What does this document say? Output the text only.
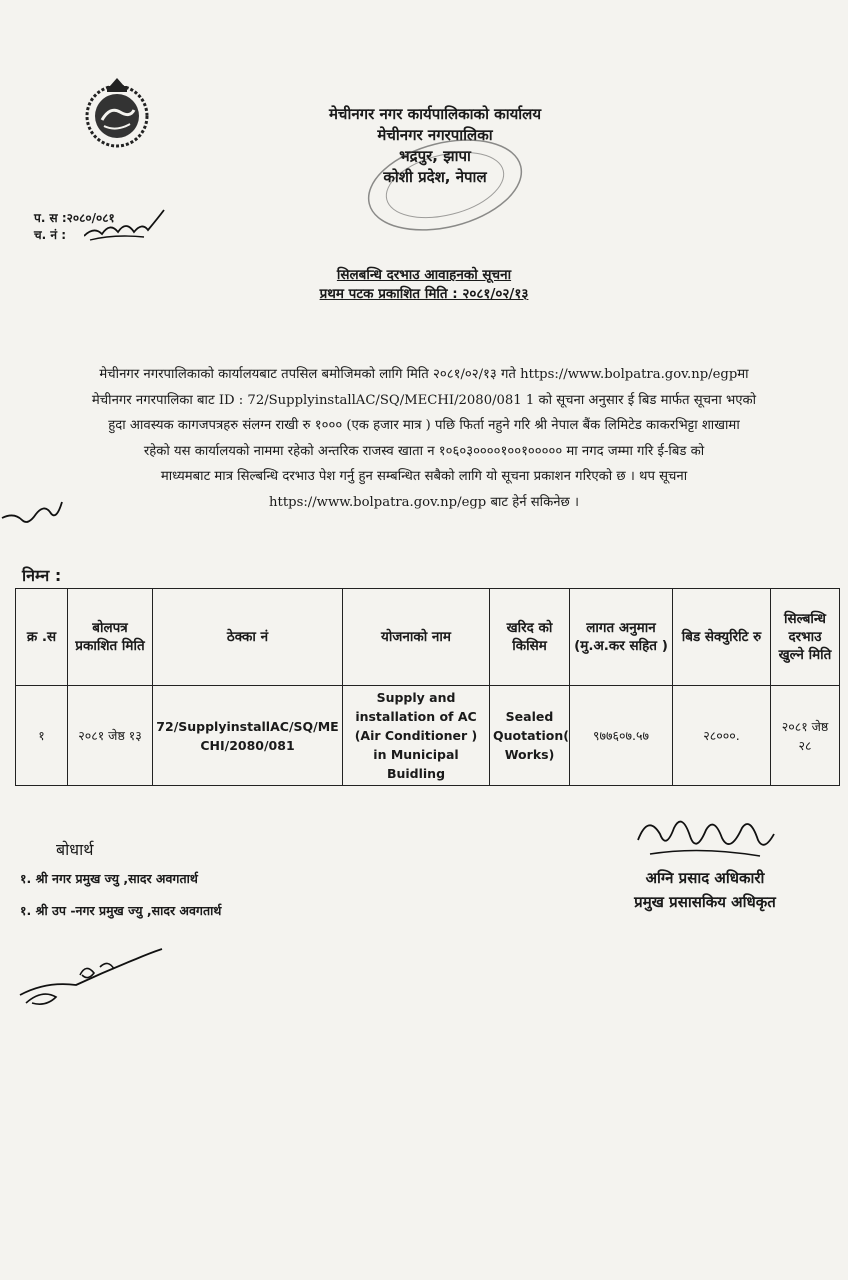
मेचीनगर नगर कार्यपालिकाको कार्यालय
मेचीनगर नगरपालिका
भद्रपुर, झापा
कोशी प्रदेश, नेपाल
प. स :२०८०/०८१
च. नं :
सिलबन्धि दरभाउ आवाहनको सूचना
प्रथम पटक प्रकाशित मिति : २०८१/०२/१३
मेचीनगर नगरपालिकाको कार्यालयबाट तपसिल बमोजिमको लागि मिति २०८१/०२/१३ गते https://www.bolpatra.gov.np/egpमा
मेचीनगर नगरपालिका बाट ID : 72/SupplyinstallAC/SQ/MECHI/2080/081 1 को सूचना अनुसार ई बिड मार्फत सूचना भएको
हुदा आवस्यक कागजपत्रहरु संलग्न राखी रु १००० (एक हजार मात्र ) पछि फिर्ता नहुने गरि श्री नेपाल बैंक लिमिटेड काकरभिट्टा शाखामा
रहेको यस कार्यालयको नाममा रहेको अन्तरिक राजस्व खाता न १०६०३००००१००१००००० मा नगद जम्मा गरि ई-बिड को
माध्यमबाट मात्र सिल्बन्धि दरभाउ पेश गर्नु हुन सम्बन्धित सबैको लागि यो सूचना प्रकाशन गरिएको छ । थप सूचना
https://www.bolpatra.gov.np/egp बाट हेर्न सकिनेछ ।
निम्न :
क्र .स	बोलपत्र प्रकाशित मिति	ठेक्का नं	योजनाको नाम	खरिद को किसिम	लागत अनुमान (मु.अ.कर सहित )	बिड सेक्युरिटि रु	सिल्बन्धि दरभाउ खुल्ने मिति
१	२०८१ जेष्ठ १३	72/SupplyinstallAC/SQ/MECHI/2080/081	Supply and installation of AC (Air Conditioner ) in Municipal Buidling	Sealed Quotation( Works)	९७७६०७.५७	२८०००.	२०८१ जेष्ठ २८
बोधार्थ
१. श्री नगर प्रमुख ज्यु ,सादर अवगतार्थ
१. श्री उप -नगर प्रमुख ज्यु ,सादर अवगतार्थ
अग्नि प्रसाद अधिकारी
प्रमुख प्रसासकिय अधिकृत
